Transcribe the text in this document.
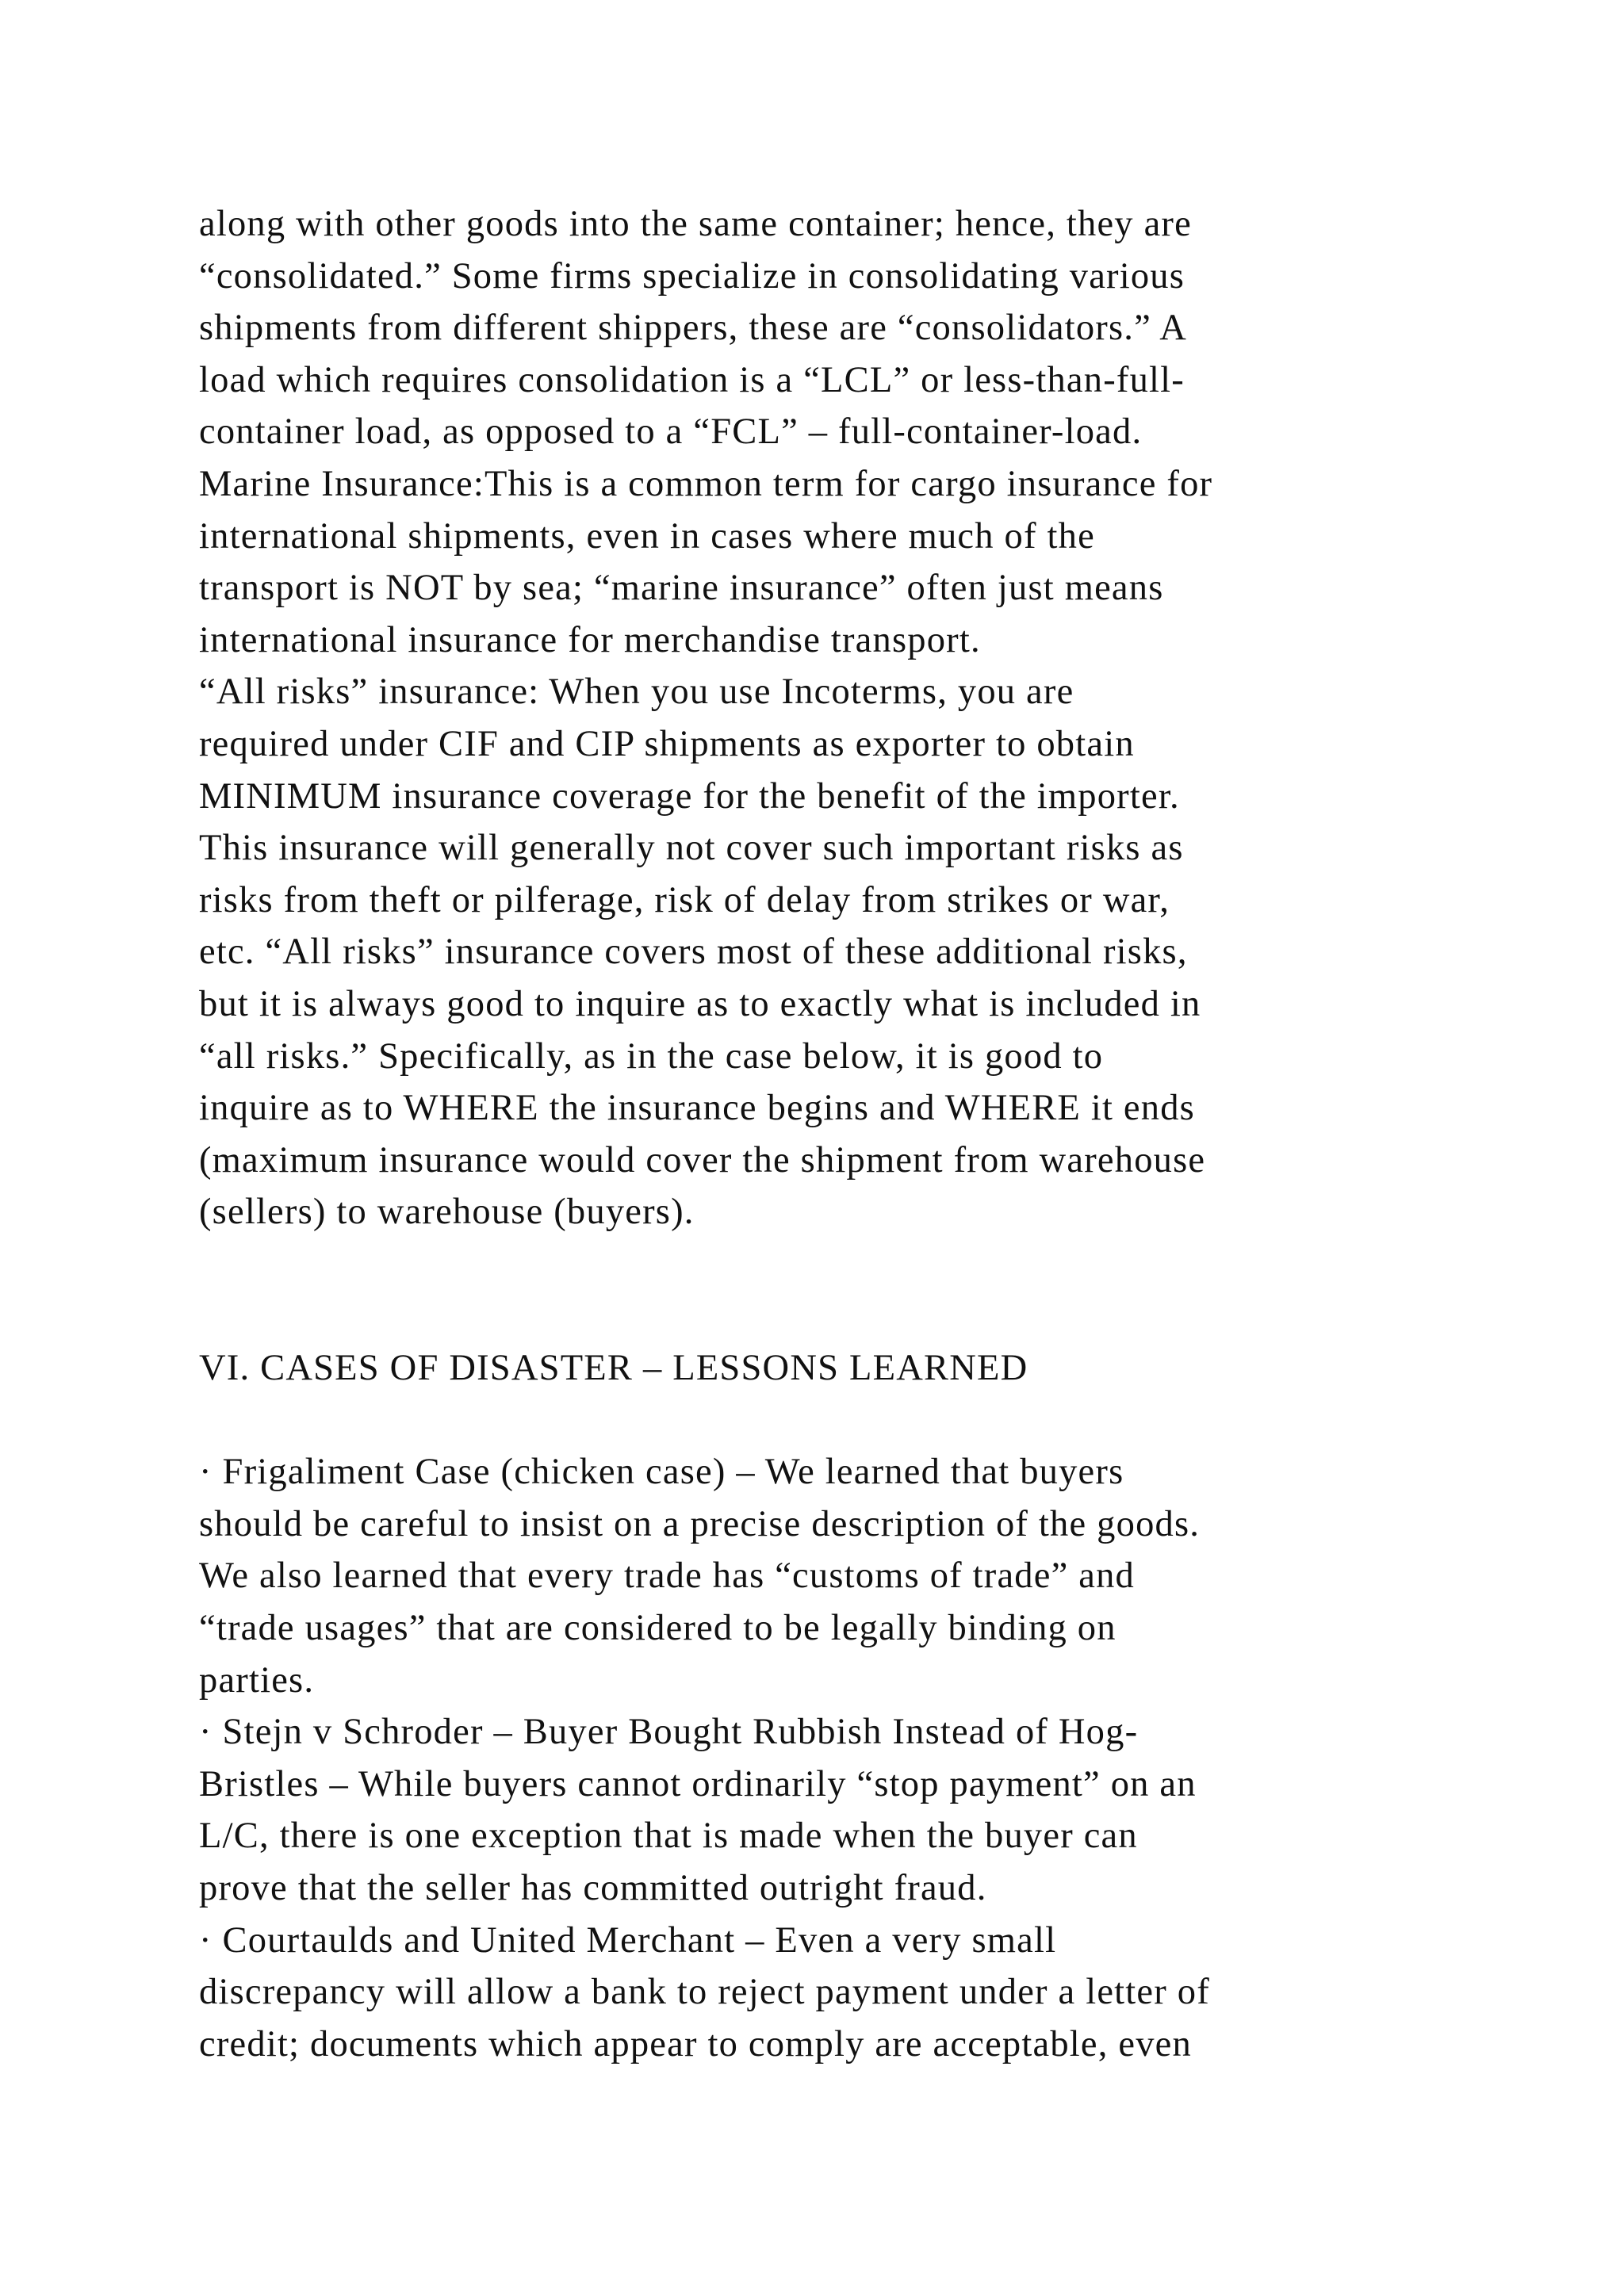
along with other goods into the same container; hence, they are
“consolidated.” Some firms specialize in consolidating various
shipments from different shippers, these are “consolidators.” A
load which requires consolidation is a “LCL” or less-than-full-
container load, as opposed to a “FCL” – full-container-load.
Marine Insurance:This is a common term for cargo insurance for
international shipments, even in cases where much of the
transport is NOT by sea; “marine insurance” often just means
international insurance for merchandise transport.
“All risks” insurance: When you use Incoterms, you are
required under CIF and CIP shipments as exporter to obtain
MINIMUM insurance coverage for the benefit of the importer.
This insurance will generally not cover such important risks as
risks from theft or pilferage, risk of delay from strikes or war,
etc. “All risks” insurance covers most of these additional risks,
but it is always good to inquire as to exactly what is included in
“all risks.” Specifically, as in the case below, it is good to
inquire as to WHERE the insurance begins and WHERE it ends
(maximum insurance would cover the shipment from warehouse
(sellers) to warehouse (buyers).
VI. CASES OF DISASTER – LESSONS LEARNED
· Frigaliment Case (chicken case) – We learned that buyers
should be careful to insist on a precise description of the goods.
We also learned that every trade has “customs of trade” and
“trade usages” that are considered to be legally binding on
parties.
· Stejn v Schroder – Buyer Bought Rubbish Instead of Hog-
Bristles – While buyers cannot ordinarily “stop payment” on an
L/C, there is one exception that is made when the buyer can
prove that the seller has committed outright fraud.
· Courtaulds and United Merchant – Even a very small
discrepancy will allow a bank to reject payment under a letter of
credit; documents which appear to comply are acceptable, even
